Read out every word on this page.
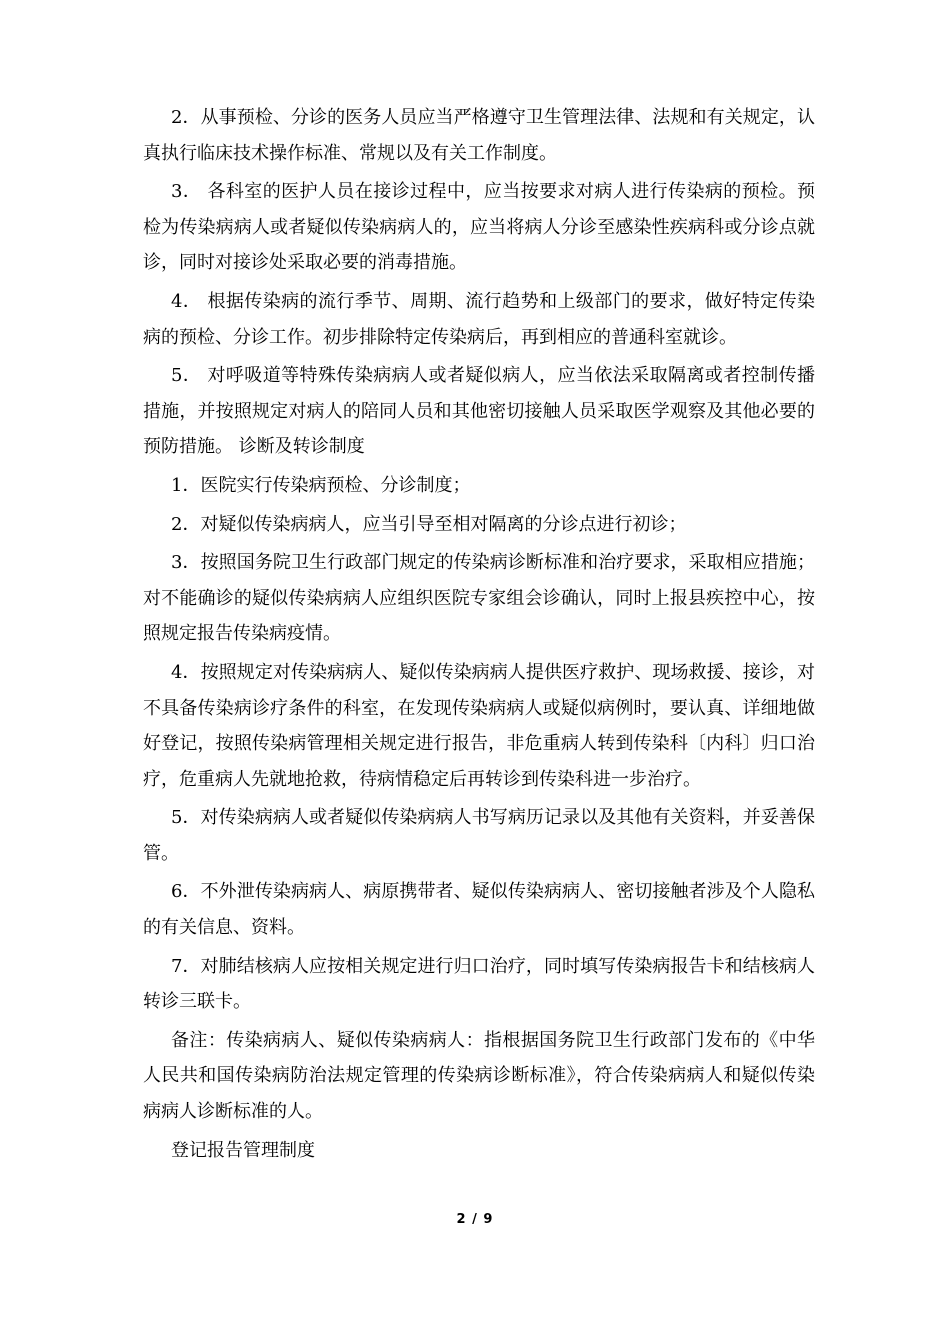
2．从事预检、分诊的医务人员应当严格遵守卫生管理法律、法规和有关规定，认真执行临床技术操作标准、常规以及有关工作制度。

3． 各科室的医护人员在接诊过程中，应当按要求对病人进行传染病的预检。预检为传染病病人或者疑似传染病病人的，应当将病人分诊至感染性疾病科或分诊点就诊，同时对接诊处采取必要的消毒措施。

4． 根据传染病的流行季节、周期、流行趋势和上级部门的要求，做好特定传染病的预检、分诊工作。初步排除特定传染病后，再到相应的普通科室就诊。

5． 对呼吸道等特殊传染病病人或者疑似病人，应当依法采取隔离或者控制传播措施，并按照规定对病人的陪同人员和其他密切接触人员采取医学观察及其他必要的预防措施。 诊断及转诊制度

1．医院实行传染病预检、分诊制度；

2．对疑似传染病病人，应当引导至相对隔离的分诊点进行初诊；

3．按照国务院卫生行政部门规定的传染病诊断标准和治疗要求，采取相应措施；对不能确诊的疑似传染病病人应组织医院专家组会诊确认，同时上报县疾控中心，按照规定报告传染病疫情。

4．按照规定对传染病病人、疑似传染病病人提供医疗救护、现场救援、接诊，对不具备传染病诊疗条件的科室，在发现传染病病人或疑似病例时，要认真、详细地做好登记，按照传染病管理相关规定进行报告，非危重病人转到传染科〔内科〕归口治疗，危重病人先就地抢救，待病情稳定后再转诊到传染科进一步治疗。

5．对传染病病人或者疑似传染病病人书写病历记录以及其他有关资料，并妥善保管。

6．不外泄传染病病人、病原携带者、疑似传染病病人、密切接触者涉及个人隐私的有关信息、资料。

7．对肺结核病人应按相关规定进行归口治疗，同时填写传染病报告卡和结核病人转诊三联卡。

备注：传染病病人、疑似传染病病人：指根据国务院卫生行政部门发布的《中华人民共和国传染病防治法规定管理的传染病诊断标准》，符合传染病病人和疑似传染病病人诊断标准的人。

登记报告管理制度

2 / 9
